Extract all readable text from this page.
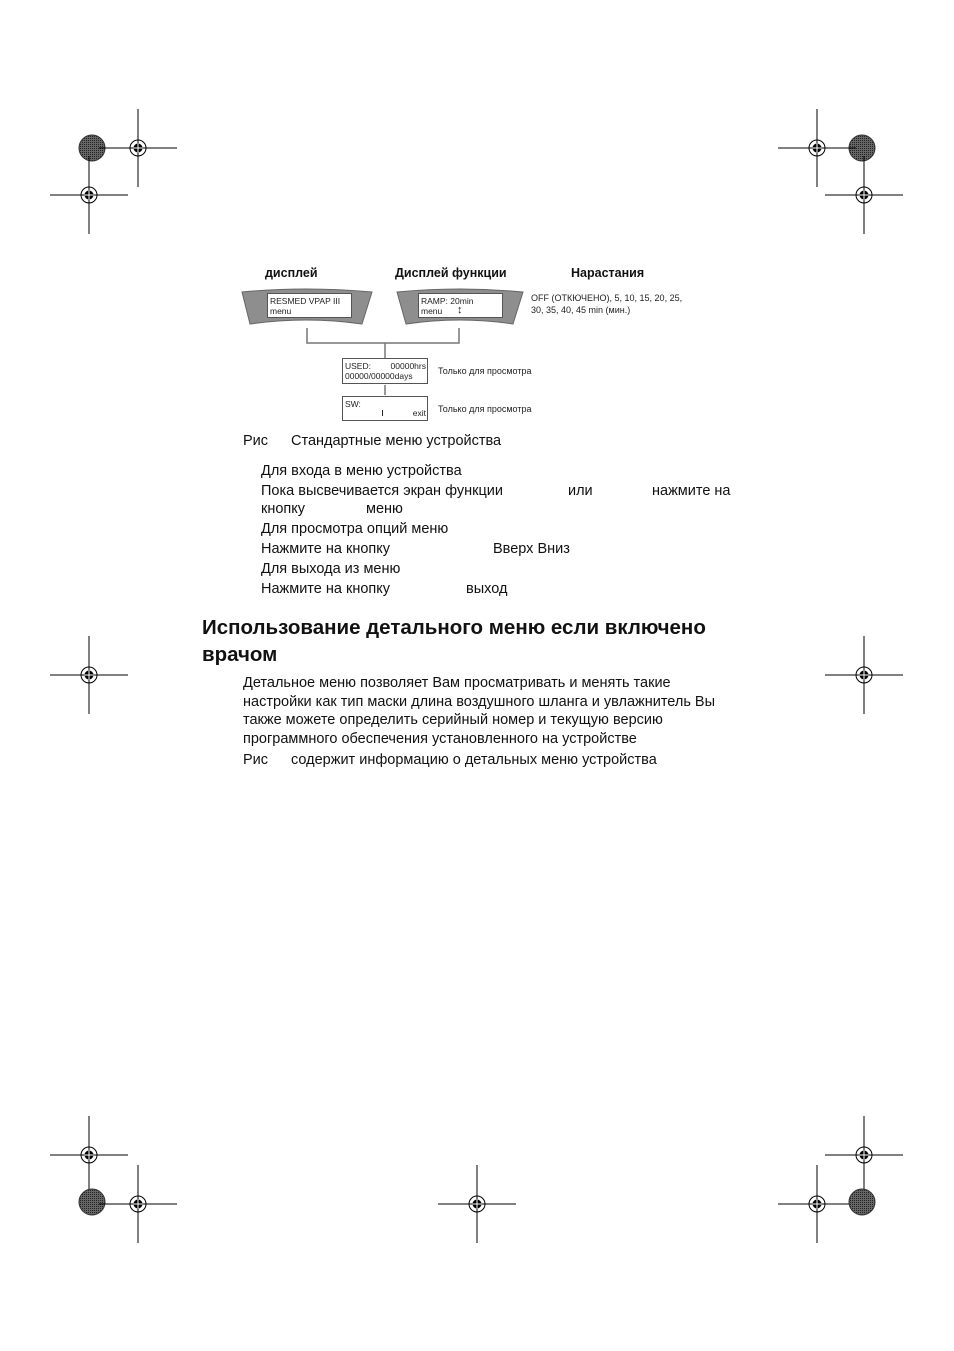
дисплей	Дисплей функции	Нарастания
RESMED VPAP III
menu
RAMP: 20min
menu ↕
OFF (ОТКЮЧЕНО), 5, 10, 15, 20, 25,
30, 35, 40, 45 min (мин.)
USED: 00000hrs
00000/00000days	Только для просмотра
SW:
exit Только для просмотра
Рис Стандартные меню устройства
Для входа в меню устройства
Пока высвечивается экран функции	или	нажмите на
кнопку	меню
Для просмотра опций меню
Нажмите на кнопку	Вверх Вниз
Для выхода из меню
Нажмите на кнопку	выход
Использование детального меню если включено
врачом
Детальное меню позволяет Вам просматривать и менять такие
настройки как тип маски длина воздушного шланга и увлажнитель Вы
также можете определить серийный номер и текущую версию
программного обеспечения установленного на устройстве
Рис содержит информацию о детальных меню устройства
